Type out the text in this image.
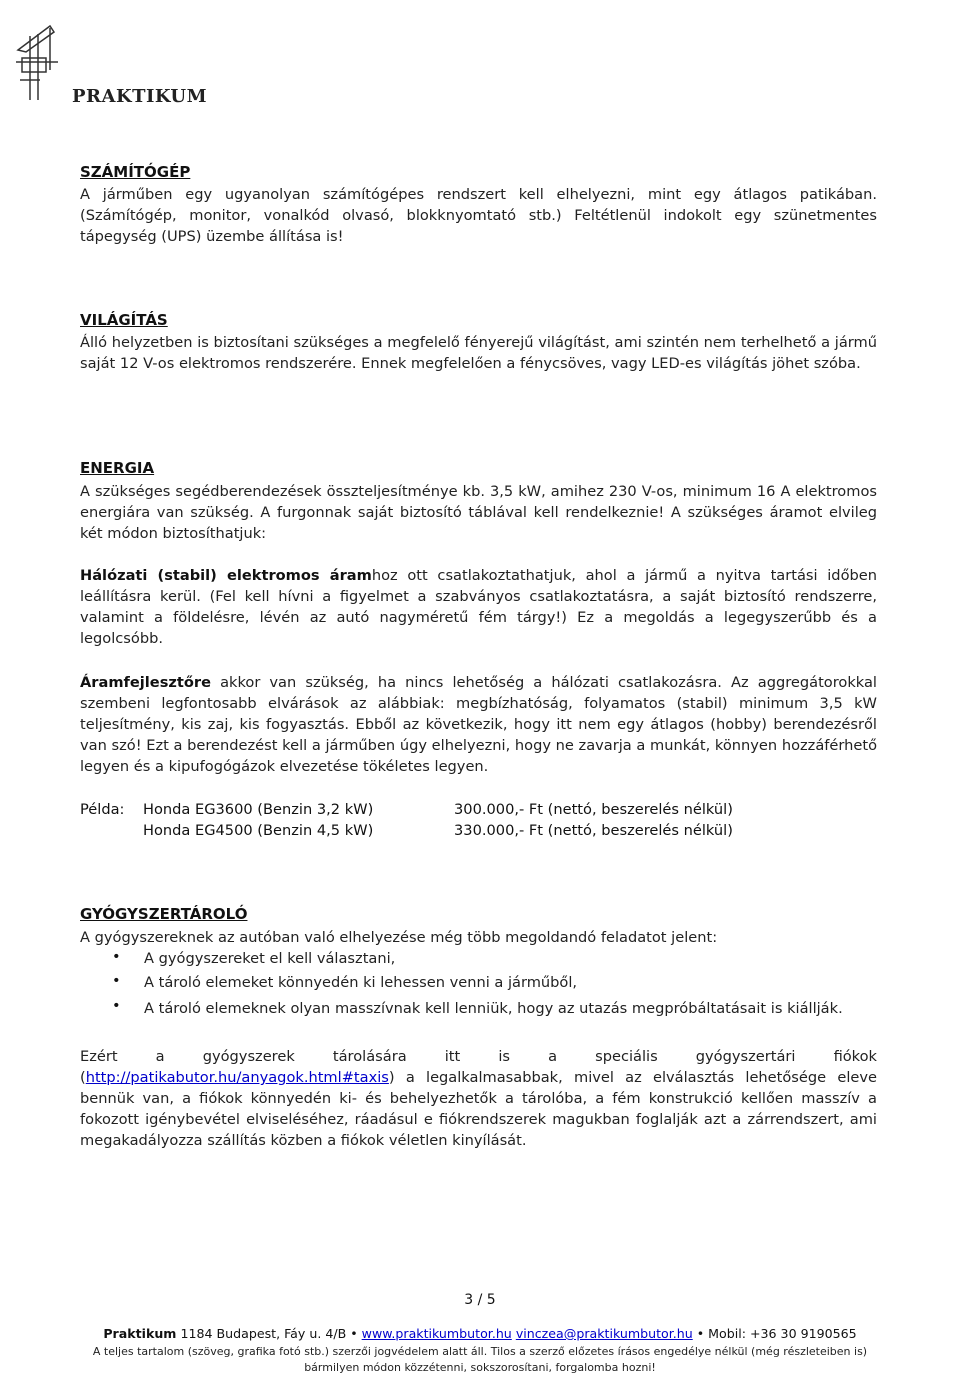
PRAKTIKUM
SZÁMÍTÓGÉP
A járműben egy ugyanolyan számítógépes rendszert kell elhelyezni, mint egy átlagos patikában. (Számítógép, monitor, vonalkód olvasó, blokknyomtató stb.) Feltétlenül indokolt egy szünetmentes tápegység (UPS) üzembe állítása is!
VILÁGÍTÁS
Álló helyzetben is biztosítani szükséges a megfelelő fényerejű világítást, ami szintén nem terhelhető a jármű saját 12 V-os elektromos rendszerére. Ennek megfelelően a fénycsöves, vagy LED-es világítás jöhet szóba.
ENERGIA
A szükséges segédberendezések összteljesítménye kb. 3,5 kW, amihez 230 V-os, minimum 16 A elektromos energiára van szükség. A furgonnak saját biztosító táblával kell rendelkeznie! A szükséges áramot elvileg két módon biztosíthatjuk:
Hálózati (stabil) elektromos áramhoz ott csatlakoztathatjuk, ahol a jármű a nyitva tartási időben leállításra kerül. (Fel kell hívni a figyelmet a szabványos csatlakoztatásra, a saját biztosító rendszerre, valamint a földelésre, lévén az autó nagyméretű fém tárgy!) Ez a megoldás a legegyszerűbb és a legolcsóbb.
Áramfejlesztőre akkor van szükség, ha nincs lehetőség a hálózati csatlakozásra. Az aggregátorokkal szembeni legfontosabb elvárások az alábbiak: megbízhatóság, folyamatos (stabil) minimum 3,5 kW teljesítmény, kis zaj, kis fogyasztás. Ebből az következik, hogy itt nem egy átlagos (hobby) berendezésről van szó! Ezt a berendezést kell a járműben úgy elhelyezni, hogy ne zavarja a munkát, könnyen hozzáférhető legyen és a kipufogógázok elvezetése tökéletes legyen.
Példa: Honda EG3600 (Benzin 3,2 kW)	300.000,- Ft (nettó, beszerelés nélkül)
Honda EG4500 (Benzin 4,5 kW)	330.000,- Ft (nettó, beszerelés nélkül)
GYÓGYSZERTÁROLÓ
A gyógyszereknek az autóban való elhelyezése még több megoldandó feladatot jelent:
• A gyógyszereket el kell választani,
• A tároló elemeket könnyedén ki lehessen venni a járműből,
• A tároló elemeknek olyan masszívnak kell lenniük, hogy az utazás megpróbáltatásait is kiállják.
Ezért a gyógyszerek tárolására itt is a speciális gyógyszertári fiókok (http://patikabutor.hu/anyagok.html#taxis) a legalkalmasabbak, mivel az elválasztás lehetősége eleve bennük van, a fiókok könnyedén ki- és behelyezhetők a tárolóba, a fém konstrukció kellően masszív a fokozott igénybevétel elviseléséhez, ráadásul e fiókrendszerek magukban foglalják azt a zárrendszert, ami megakadályozza szállítás közben a fiókok véletlen kinyílását.
3 / 5
Praktikum 1184 Budapest, Fáy u. 4/B • www.praktikumbutor.hu vinczea@praktikumbutor.hu • Mobil: +36 30 9190565
A teljes tartalom (szöveg, grafika fotó stb.) szerzői jogvédelem alatt áll. Tilos a szerző előzetes írásos engedélye nélkül (még részleteiben is) bármilyen módon közzétenni, sokszorosítani, forgalomba hozni!
